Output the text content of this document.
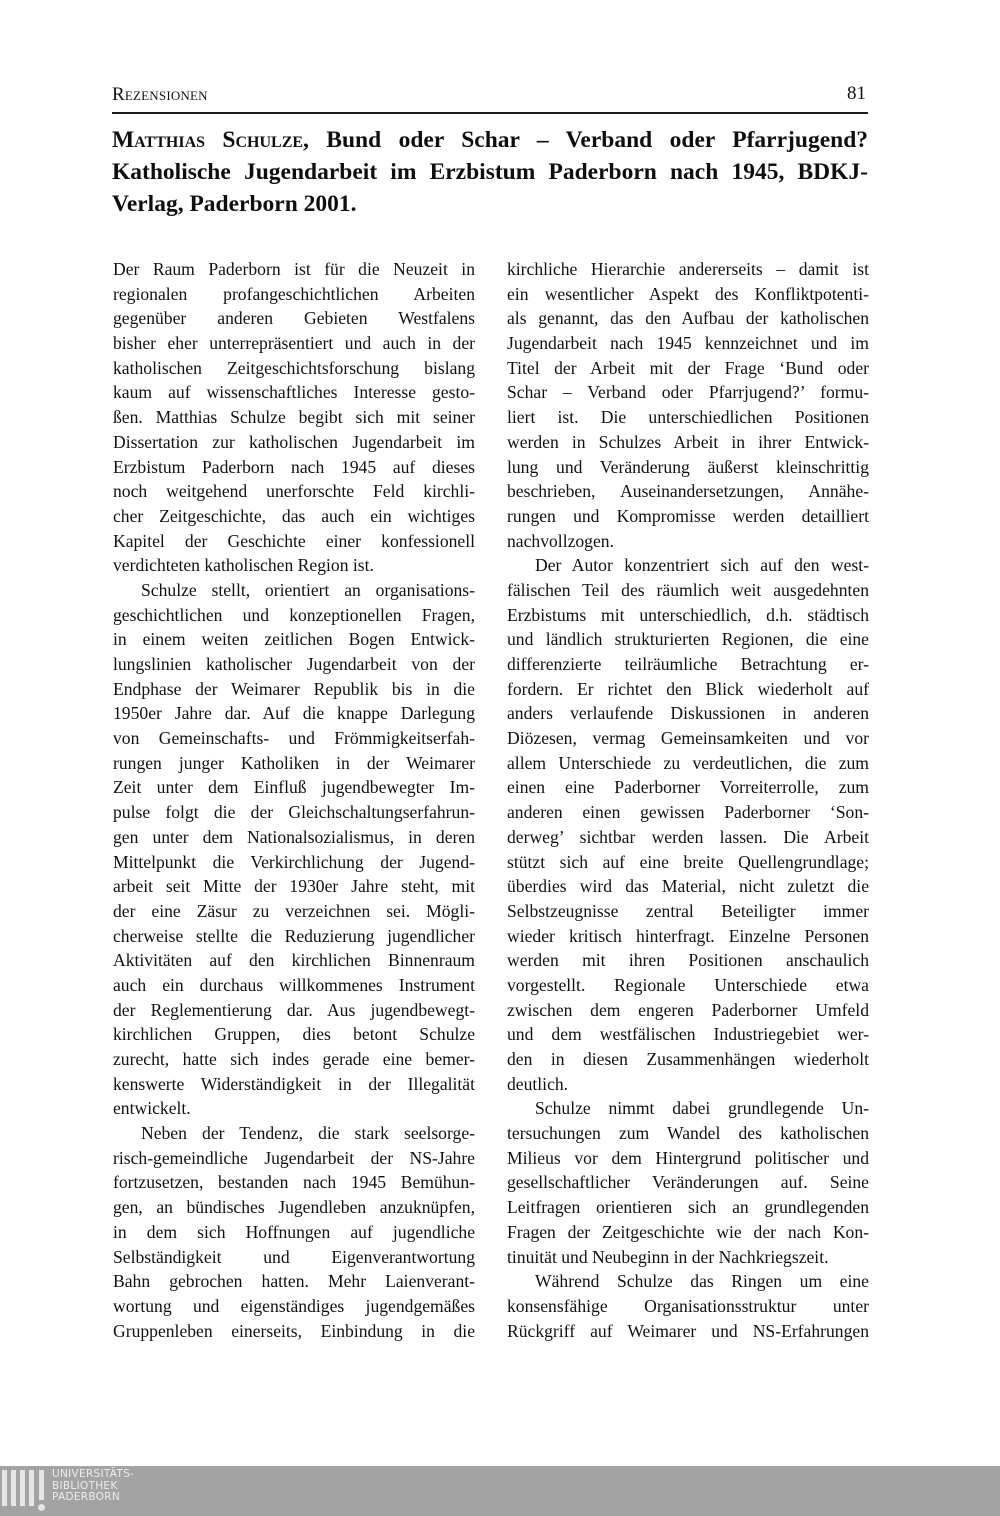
Rezensionen	81
Matthias Schulze, Bund oder Schar – Verband oder Pfarrjugend? Katholische Jugendarbeit im Erzbistum Paderborn nach 1945, BDKJ-Verlag, Paderborn 2001.
Der Raum Paderborn ist für die Neuzeit in
regionalen profangeschichtlichen Arbeiten
gegenüber anderen Gebieten Westfalens
bisher eher unterrepräsentiert und auch in der
katholischen Zeitgeschichtsforschung bislang
kaum auf wissenschaftliches Interesse gesto-
ßen. Matthias Schulze begibt sich mit seiner
Dissertation zur katholischen Jugendarbeit im
Erzbistum Paderborn nach 1945 auf dieses
noch weitgehend unerforschte Feld kirchli-
cher Zeitgeschichte, das auch ein wichtiges
Kapitel der Geschichte einer konfessionell
verdichteten katholischen Region ist.
Schulze stellt, orientiert an organisations-
geschichtlichen und konzeptionellen Fragen,
in einem weiten zeitlichen Bogen Entwick-
lungslinien katholischer Jugendarbeit von der
Endphase der Weimarer Republik bis in die
1950er Jahre dar. Auf die knappe Darlegung
von Gemeinschafts- und Frömmigkeitserfah-
rungen junger Katholiken in der Weimarer
Zeit unter dem Einfluß jugendbewegter Im-
pulse folgt die der Gleichschaltungserfahrun-
gen unter dem Nationalsozialismus, in deren
Mittelpunkt die Verkirchlichung der Jugend-
arbeit seit Mitte der 1930er Jahre steht, mit
der eine Zäsur zu verzeichnen sei. Mögli-
cherweise stellte die Reduzierung jugendlicher
Aktivitäten auf den kirchlichen Binnenraum
auch ein durchaus willkommenes Instrument
der Reglementierung dar. Aus jugendbewegt-
kirchlichen Gruppen, dies betont Schulze
zurecht, hatte sich indes gerade eine bemer-
kenswerte Widerständigkeit in der Illegalität
entwickelt.
Neben der Tendenz, die stark seelsorge-
risch-gemeindliche Jugendarbeit der NS-Jahre
fortzusetzen, bestanden nach 1945 Bemühun-
gen, an bündisches Jugendleben anzuknüpfen,
in dem sich Hoffnungen auf jugendliche
Selbständigkeit und Eigenverantwortung
Bahn gebrochen hatten. Mehr Laienverant-
wortung und eigenständiges jugendgemäßes
Gruppenleben einerseits, Einbindung in die
kirchliche Hierarchie andererseits – damit ist
ein wesentlicher Aspekt des Konfliktpotenti-
als genannt, das den Aufbau der katholischen
Jugendarbeit nach 1945 kennzeichnet und im
Titel der Arbeit mit der Frage ‘Bund oder
Schar – Verband oder Pfarrjugend?’ formu-
liert ist. Die unterschiedlichen Positionen
werden in Schulzes Arbeit in ihrer Entwick-
lung und Veränderung äußerst kleinschrittig
beschrieben, Auseinandersetzungen, Annähe-
rungen und Kompromisse werden detailliert
nachvollzogen.
Der Autor konzentriert sich auf den west-
fälischen Teil des räumlich weit ausgedehnten
Erzbistums mit unterschiedlich, d.h. städtisch
und ländlich strukturierten Regionen, die eine
differenzierte teilräumliche Betrachtung er-
fordern. Er richtet den Blick wiederholt auf
anders verlaufende Diskussionen in anderen
Diözesen, vermag Gemeinsamkeiten und vor
allem Unterschiede zu verdeutlichen, die zum
einen eine Paderborner Vorreiterrolle, zum
anderen einen gewissen Paderborner ‘Son-
derweg’ sichtbar werden lassen. Die Arbeit
stützt sich auf eine breite Quellengrundlage;
überdies wird das Material, nicht zuletzt die
Selbstzeugnisse zentral Beteiligter immer
wieder kritisch hinterfragt. Einzelne Personen
werden mit ihren Positionen anschaulich
vorgestellt. Regionale Unterschiede etwa
zwischen dem engeren Paderborner Umfeld
und dem westfälischen Industriegebiet wer-
den in diesen Zusammenhängen wiederholt
deutlich.
Schulze nimmt dabei grundlegende Un-
tersuchungen zum Wandel des katholischen
Milieus vor dem Hintergrund politischer und
gesellschaftlicher Veränderungen auf. Seine
Leitfragen orientieren sich an grundlegenden
Fragen der Zeitgeschichte wie der nach Kon-
tinuität und Neubeginn in der Nachkriegszeit.
Während Schulze das Ringen um eine
konsensfähige Organisationsstruktur unter
Rückgriff auf Weimarer und NS-Erfahrungen
UNIVERSITÄTS-
BIBLIOTHEK
PADERBORN
